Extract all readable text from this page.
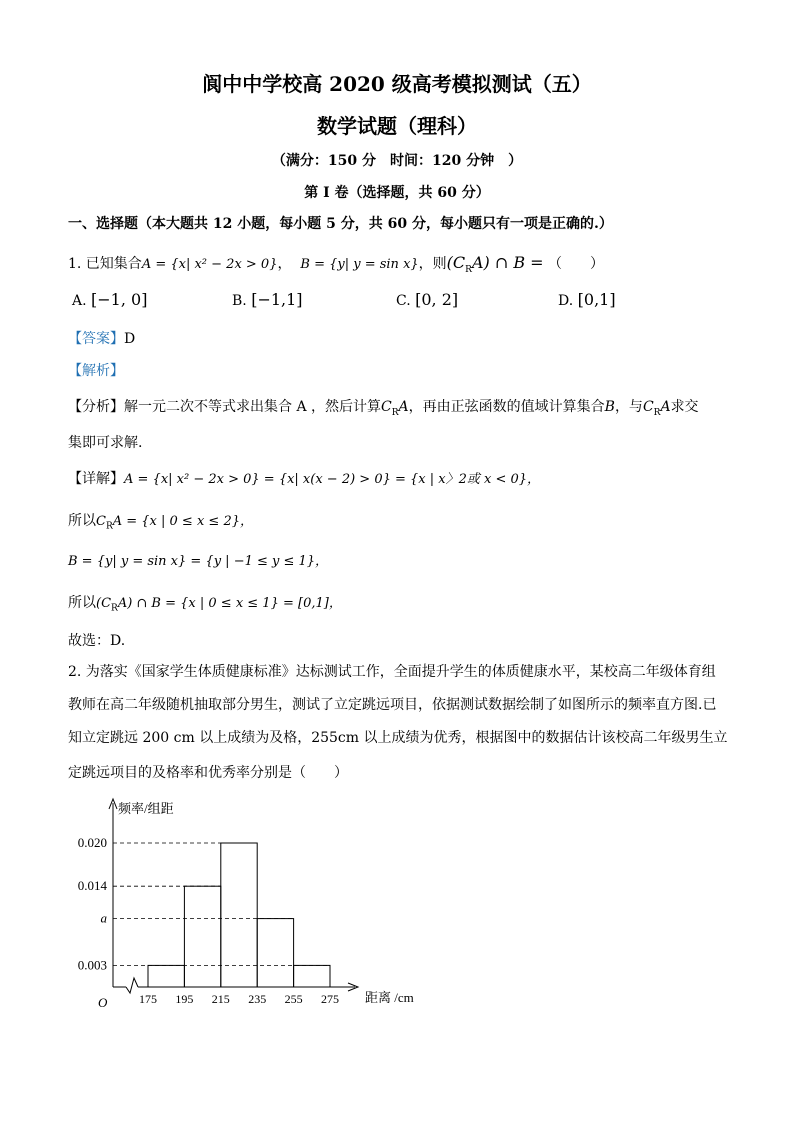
阆中中学校高 2020 级高考模拟测试（五）
数学试题（理科）
（满分：150 分　时间：120 分钟　）
第 I 卷（选择题，共 60 分）
一、选择题（本大题共 12 小题，每小题 5 分，共 60 分，每小题只有一项是正确的.）
1. 已知集合A = {x| x² − 2x > 0}， B = {y| y = sin x}，则$(C_RA)$ ∩ B = （　　）
A. [−1, 0]	B. [−1,1]	C. [0, 2]	D. [0,1]
【答案】D
【解析】
【分析】解一元二次不等式求出集合 A ，然后计算$C_RA$，再由正弦函数的值域计算集合B，与$C_RA$求交
集即可求解.
【详解】A = {x| x² − 2x > 0} = {x| x(x − 2) > 0} = {x | x〉2或 x < 0}，
所以$C_RA = \{x$ | 0 ≤ x ≤ 2}，
B = {y| y = sin x} = {y | −1 ≤ y ≤ 1}，
所以$(C_RA)$ ∩ B = {x | 0 ≤ x ≤ 1} = [0,1]，
故选：D.
2. 为落实《国家学生体质健康标准》达标测试工作，全面提升学生的体质健康水平，某校高二年级体育组
教师在高二年级随机抽取部分男生，测试了立定跳远项目，依据测试数据绘制了如图所示的频率直方图.已
知立定跳远 200 cm 以上成绩为及格，255cm 以上成绩为优秀，根据图中的数据估计该校高二年级男生立
定跳远项目的及格率和优秀率分别是（　　）
O
频率/组距
距离 /cm
0.020
0.014
a
0.003
175 195 215 235 255 275
